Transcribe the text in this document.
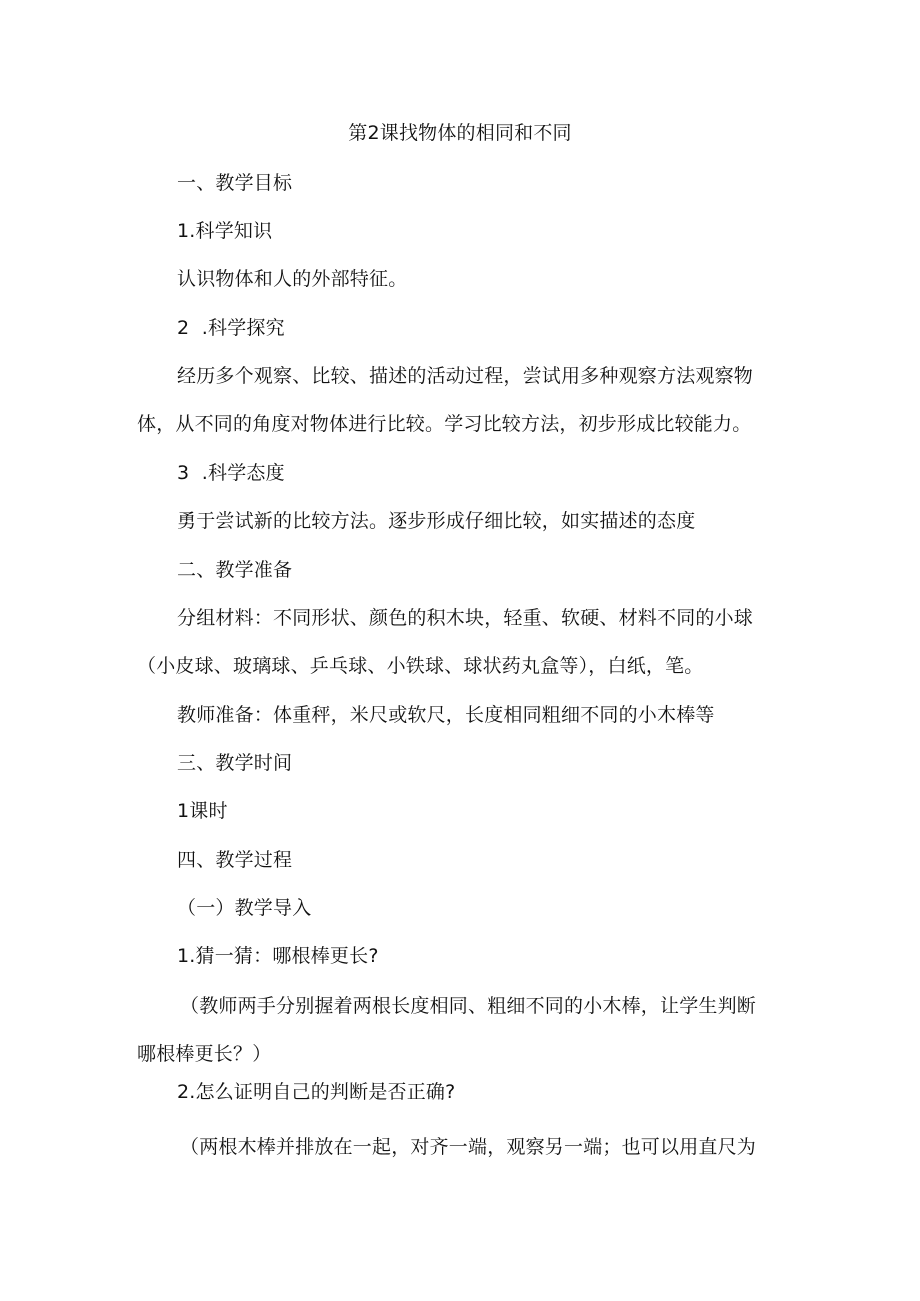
第2课找物体的相同和不同
一、教学目标
1.科学知识
认识物体和人的外部特征。
2  .科学探究
经历多个观察、比较、描述的活动过程，尝试用多种观察方法观察物
体，从不同的角度对物体进行比较。学习比较方法，初步形成比较能力。
3  .科学态度
勇于尝试新的比较方法。逐步形成仔细比较，如实描述的态度
二、教学准备
分组材料：不同形状、颜色的积木块，轻重、软硬、材料不同的小球
（小皮球、玻璃球、乒乓球、小铁球、球状药丸盒等），白纸，笔。
教师准备：体重秤，米尺或软尺，长度相同粗细不同的小木棒等
三、教学时间
1课时
四、教学过程
（一）教学导入
1.猜一猜：哪根棒更长?
（教师两手分别握着两根长度相同、粗细不同的小木棒，让学生判断
哪根棒更长？）
2.怎么证明自己的判断是否正确?
（两根木棒并排放在一起，对齐一端，观察另一端；也可以用直尺为
